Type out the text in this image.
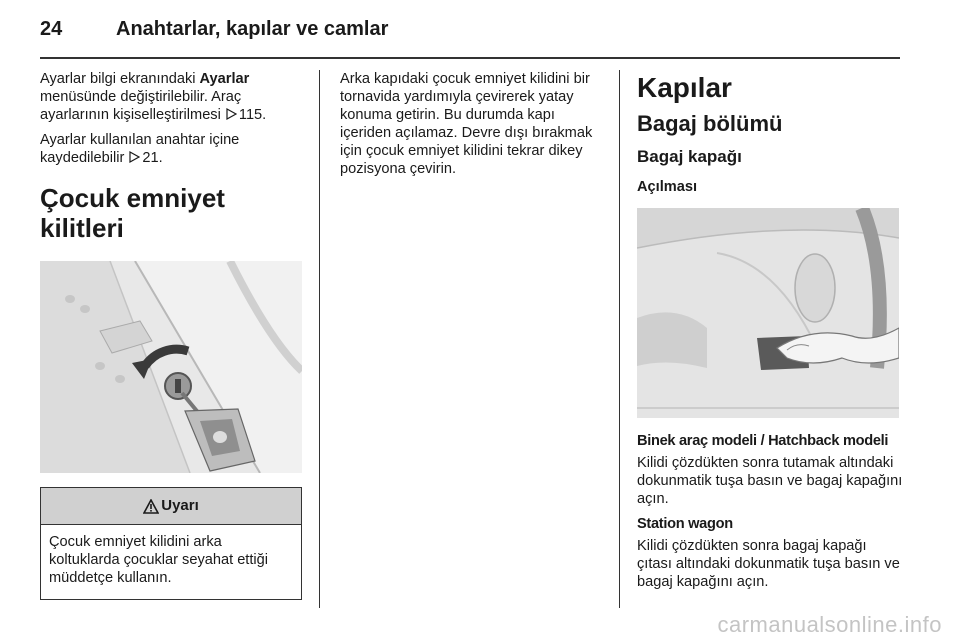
24	Anahtarlar, kapılar ve camlar

Ayarlar bilgi ekranındaki Ayarlar menüsünde değiştirilebilir. Araç ayarlarının kişiselleştirilmesi 115.

Ayarlar kullanılan anahtar içine kaydedilebilir 21.

Çocuk emniyet kilitleri
Uyarı
Çocuk emniyet kilidini arka koltuklarda çocuklar seyahat ettiği müddetçe kullanın.

Arka kapıdaki çocuk emniyet kilidini bir tornavida yardımıyla çevirerek yatay konuma getirin. Bu durumda kapı içeriden açılamaz. Devre dışı bırakmak için çocuk emniyet kilidini tekrar dikey pozisyona çevirin.

Kapılar
Bagaj bölümü
Bagaj kapağı
Açılması
Binek araç modeli / Hatchback modeli

Kilidi çözdükten sonra tutamak altındaki dokunmatik tuşa basın ve bagaj kapağını açın.

Station wagon

Kilidi çözdükten sonra bagaj kapağı çıtası altındaki dokunmatik tuşa basın ve bagaj kapağını açın.

carmanualsonline.info
